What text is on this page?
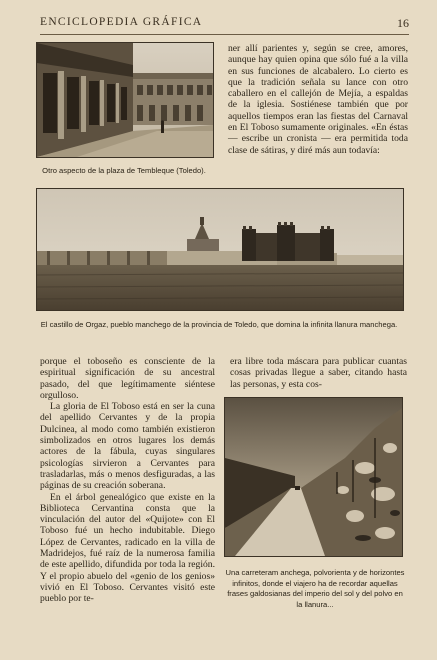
ENCICLOPEDIA GRÁFICA	16
Otro aspecto de la plaza de Tembleque (Toledo).

ner allí parientes y, según se cree, amores, aunque hay quien opina que sólo fué a la villa en sus funciones de alcabalero. Lo cierto es que la tradición señala su lance con otro caballero en el callejón de Mejía, a espaldas de la iglesia. Sostiénese también que por aquellos tiempos eran las fiestas del Carnaval en El Toboso sumamente originales. «En éstas — escribe un cronista — era permitida toda clase de sátiras, y diré más aun todavía:

El castillo de Orgaz, pueblo manchego de la provincia de Toledo, que domina la infinita llanura manchega.

porque el tobosеño es consciente de la espiritual significación de su ancestral pasado, del que legítimamente siéntese orgulloso.

La gloria de El Toboso está en ser la cuna del apellido Cervantes y de la propia Dulcinea, al modo como también existieron simbolizados en otros lugares los demás actores de la fábula, cuyas singulares psicologías sirvieron a Cervantes para trasladarlas, más o menos desfiguradas, a las páginas de su creación soberana.

En el árbol genealógico que existe en la Biblioteca Cervantina consta que la vinculación del autor del «Quijote» con El Toboso fué un hecho indubitable. Diego López de Cervantes, radicado en la villa de Madridejos, fué raíz de la numerosa familia de este apellido, difundida por toda la región. Y el propio abuelo del «genio de los genios» vivió en El Toboso. Cervantes visitó este pueblo por te-

era libre toda máscara para publicar cuantas cosas privadas llegue a saber, citando hasta las personas, y esta cos-

Una carreteram anchega, polvorienta y de horizontes infinitos, donde el viajero ha de recordar aquellas frases galdosianas del imperio del sol y del polvo en la llanura...
